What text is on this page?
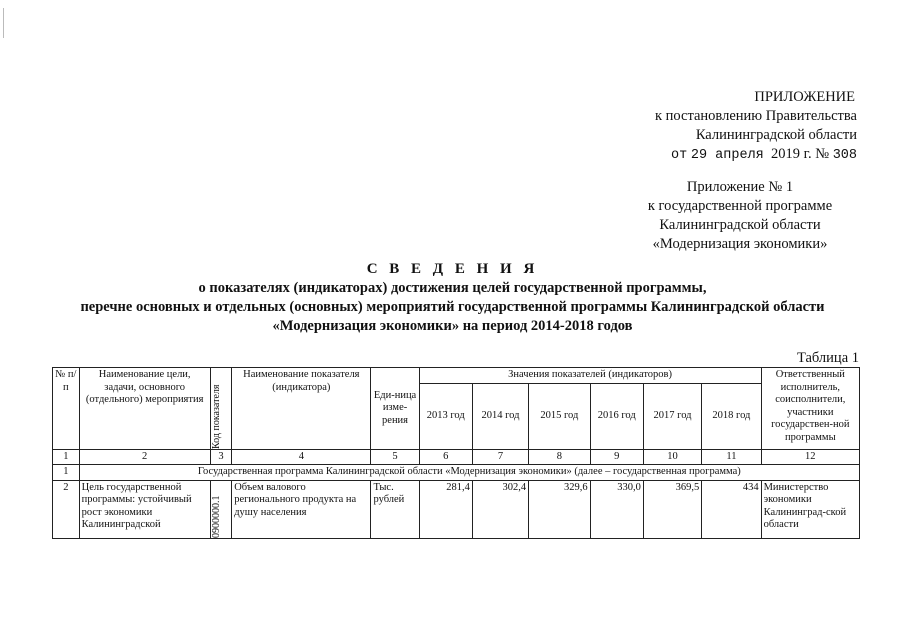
ПРИЛОЖЕНИЕ
к постановлению Правительства
Калининградской области
от 29 апреля 2019 г. № 308
Приложение № 1
к государственной программе
Калининградской области
«Модернизация экономики»
С В Е Д Е Н И Я
о показателях (индикаторах) достижения целей государственной программы,
перечне основных и отдельных (основных) мероприятий государственной программы Калининградской области
«Модернизация экономики» на период 2014-2018 годов
Таблица 1
№ п/п	Наименование цели, задачи, основного (отдельного) мероприятия	Код показателя	Наименование показателя (индикатора)	Еди-ница изме-рения	Значения показателей (индикаторов)						Ответственный исполнитель, соисполнители, участники государствен-ной программы
					2013 год	2014 год	2015 год	2016 год	2017 год	2018 год	
1	2	3	4	5	6	7	8	9	10	11	12
1	Государственная программа Калининградской области «Модернизация экономики» (далее – государственная программа)										
2	Цель государственной программы: устойчивый рост экономики Калининградской	0900000.1	Объем валового регионального продукта на душу населения	Тыс. рублей	281,4	302,4	329,6	330,0	369,5	434	Министерство экономики Калининград-ской области
